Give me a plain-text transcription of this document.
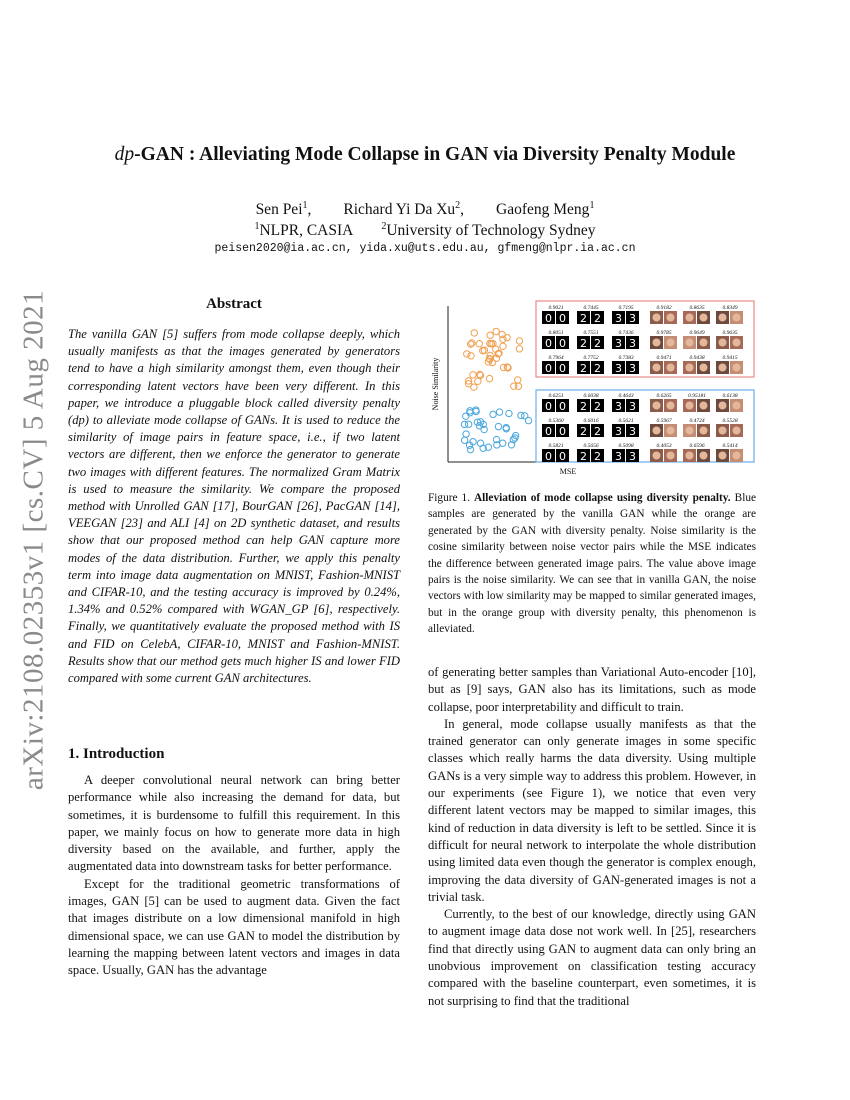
arXiv:2108.02353v1 [cs.CV] 5 Aug 2021
dp-GAN : Alleviating Mode Collapse in GAN via Diversity Penalty Module
Sen Pei$^1$, Richard Yi Da Xu$^2$, Gaofeng Meng$^1$
$^1$NLPR, CASIA	$^2$University of Technology Sydney
peisen2020@ia.ac.cn, yida.xu@uts.edu.au, gfmeng@nlpr.ia.ac.cn
Abstract
The vanilla GAN [5] suffers from mode collapse deeply, which usually manifests as that the images generated by generators tend to have a high similarity amongst them, even though their corresponding latent vectors have been very different. In this paper, we introduce a pluggable block called diversity penalty (dp) to alleviate mode collapse of GANs. It is used to reduce the similarity of image pairs in feature space, i.e., if two latent vectors are different, then we enforce the generator to generate two images with different features. The normalized Gram Matrix is used to measure the similarity. We compare the proposed method with Unrolled GAN [17], BourGAN [26], PacGAN [14], VEEGAN [23] and ALI [4] on 2D synthetic dataset, and results show that our proposed method can help GAN capture more modes of the data distribution. Further, we apply this penalty term into image data augmentation on MNIST, Fashion-MNIST and CIFAR-10, and the testing accuracy is improved by 0.24%, 1.34% and 0.52% compared with WGAN_GP [6], respectively. Finally, we quantitatively evaluate the proposed method with IS and FID on CelebA, CIFAR-10, MNIST and Fashion-MNIST. Results show that our method gets much higher IS and lower FID compared with some current GAN architectures.
1. Introduction

A deeper convolutional neural network can bring better performance while also increasing the demand for data, but sometimes, it is burdensome to fulfill this requirement. In this paper, we mainly focus on how to generate more data in high diversity based on the available, and further, apply the augmentated data into downstream tasks for better performance.

Except for the traditional geometric transformations of images, GAN [5] can be used to augment data. Given the fact that images distribute on a low dimensional manifold in high dimensional space, we can use GAN to model the distribution by learning the mapping between latent vectors and images in data space. Usually, GAN has the advantage

of generating better samples than Variational Auto-encoder [10], but as [9] says, GAN also has its limitations, such as mode collapse, poor interpretability and difficult to train.

In general, mode collapse usually manifests as that the trained generator can only generate images in some specific classes which really harms the data diversity. Using multiple GANs is a very simple way to address this problem. However, in our experiments (see Figure 1), we notice that even very different latent vectors may be mapped to similar images, this kind of reduction in data diversity is left to be settled. Since it is difficult for neural network to interpolate the whole distribution using limited data even though the generator is complex enough, improving the data diversity of GAN-generated images is not a trivial task.

Currently, to the best of our knowledge, directly using GAN to augment image data dose not work well. In [25], researchers find that directly using GAN to augment data can only bring an unobvious improvement on classification testing accuracy compared with the baseline counterpart, even sometimes, it is not surprising to find that the traditional

Noise Similarity
MSE
0.9021
0 0
0.7445
2 2
0.7195
3 3
0.9182	0.8635	0.8349
0.8051
0 0
0.7551
2 2
0.7436
3 3
0.9785	0.9649	0.9635
0.7964
0 0
0.7752
2 2
0.7383
3 3
0.9471	0.9438	0.9415
0.6251
0 0
0.6038
2 2
0.4643
3 3
0.6265	0.95181	0.6138
0.5360
0 0
0.6016
2 2
0.5621
3 3
0.5967	0.4724	0.5528
0.5821
0 0
0.5656
2 2
0.5098
3 3
0.4053	0.6596	0.5414
Figure 1. Alleviation of mode collapse using diversity penalty. Blue samples are generated by the vanilla GAN while the orange are generated by the GAN with diversity penalty. Noise similarity is the cosine similarity between noise vector pairs while the MSE indicates the difference between generated image pairs. The value above image pairs is the noise similarity. We can see that in vanilla GAN, the noise vectors with low similarity may be mapped to similar generated images, but in the orange group with diversity penalty, this phenomenon is alleviated.
